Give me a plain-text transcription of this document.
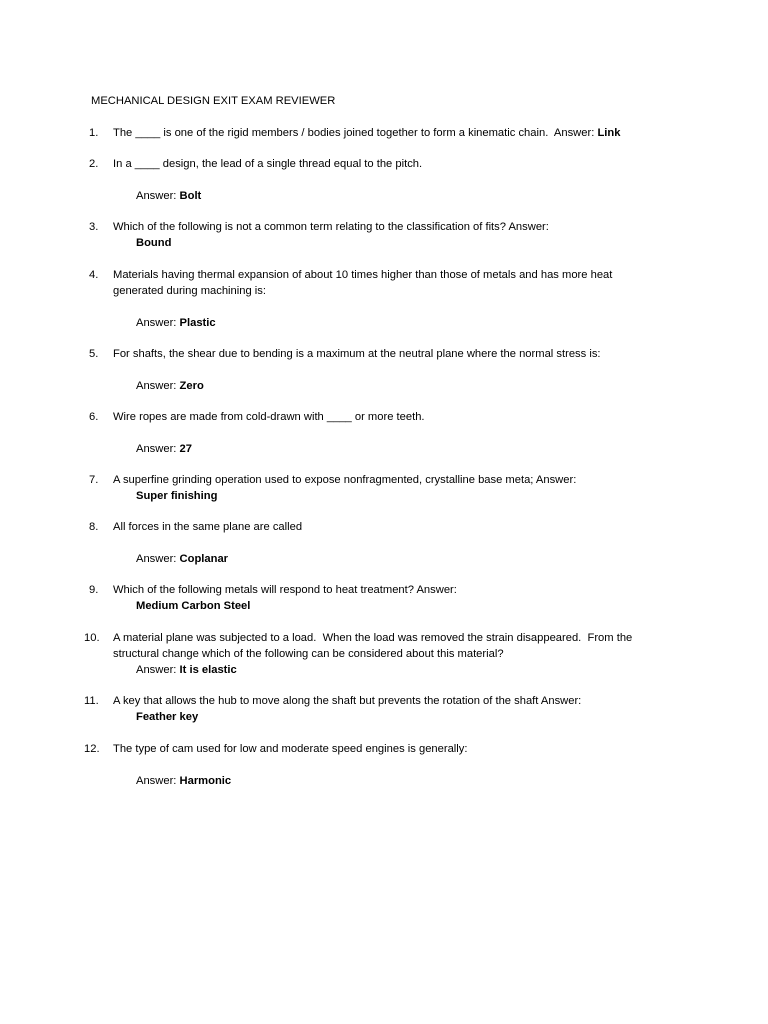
MECHANICAL DESIGN EXIT EXAM REVIEWER
1. The ____ is one of the rigid members / bodies joined together to form a kinematic chain.  Answer: Link
2. In a ____ design, the lead of a single thread equal to the pitch.
Answer: Bolt
3. Which of the following is not a common term relating to the classification of fits? Answer:
Bound
4. Materials having thermal expansion of about 10 times higher than those of metals and has more heat
generated during machining is:
Answer: Plastic
5. For shafts, the shear due to bending is a maximum at the neutral plane where the normal stress is:
Answer: Zero
6. Wire ropes are made from cold-drawn with ____ or more teeth.
Answer: 27
7. A superfine grinding operation used to expose nonfragmented, crystalline base meta; Answer:
Super finishing
8. All forces in the same plane are called
Answer: Coplanar
9. Which of the following metals will respond to heat treatment? Answer:
Medium Carbon Steel
10. A material plane was subjected to a load.  When the load was removed the strain disappeared.  From the
structural change which of the following can be considered about this material?
Answer: It is elastic
11. A key that allows the hub to move along the shaft but prevents the rotation of the shaft Answer:
Feather key
12. The type of cam used for low and moderate speed engines is generally:
Answer: Harmonic
